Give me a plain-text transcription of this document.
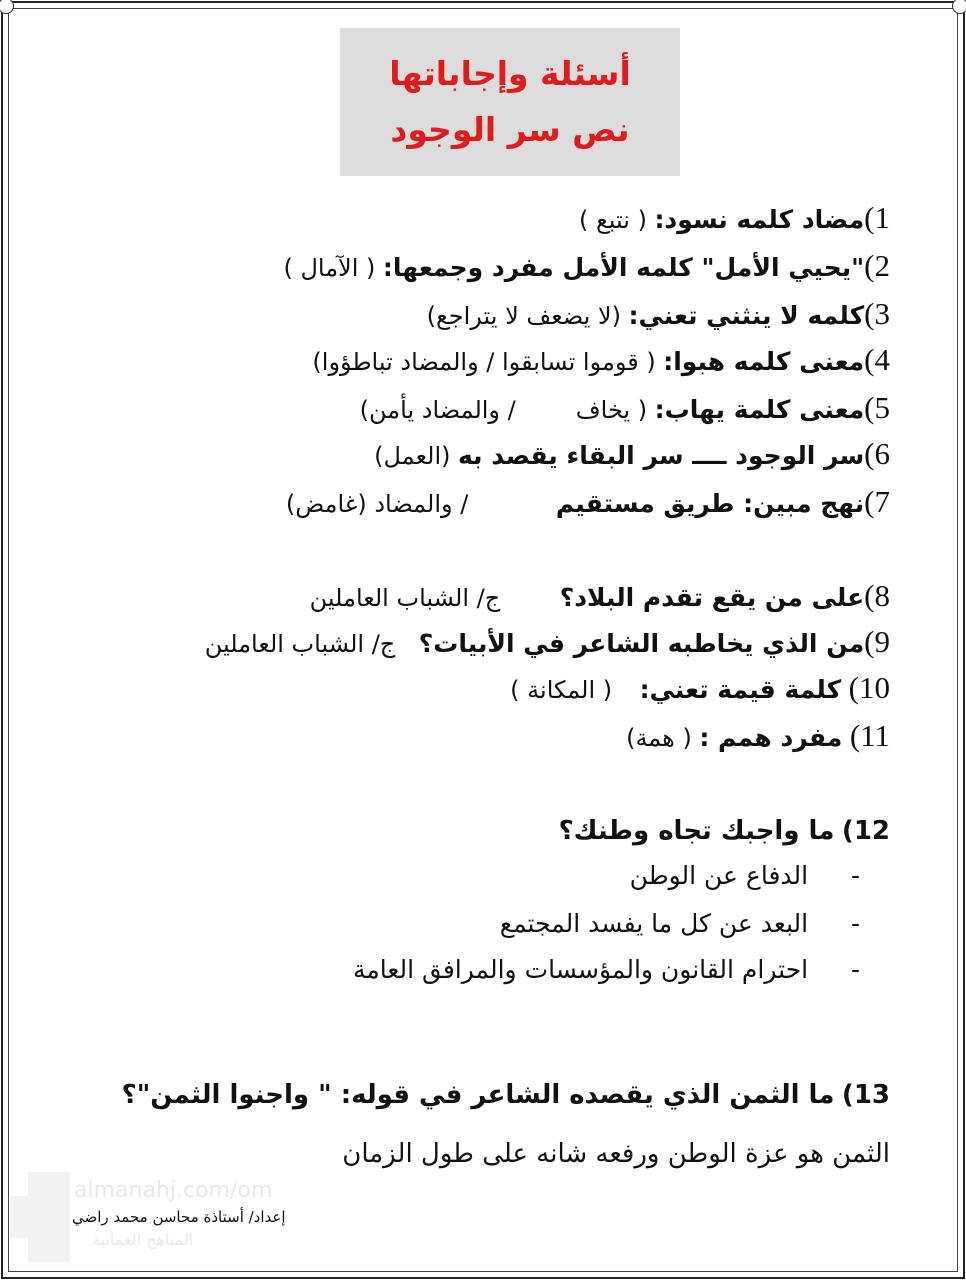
أسئلة وإجاباتها
نص سر الوجود
1)مضاد كلمه نسود: ( نتبع )
2)"يحيي الأمل" كلمه الأمل مفرد وجمعها: ( الآمال )
3)كلمه لا ينثني تعني: (لا يضعف لا يتراجع)
4)معنى كلمه هبوا: ( قوموا تسابقوا / والمضاد تباطؤوا)
5)معنى كلمة يهاب: ( يخاف/ والمضاد يأمن)
6)سر الوجود ــــ سر البقاء يقصد به (العمل)
7)نهج مبين: طريق مستقيم / والمضاد (غامض)
8)على من يقع تقدم البلاد؟ ج/ الشباب العاملين
9)من الذي يخاطبه الشاعر في الأبيات؟ ج/ الشباب العاملين
10) كلمة قيمة تعني: ( المكانة )
11) مفرد همم : ( همة)
12) ما واجبك تجاه وطنك؟
-  الدفاع عن الوطن
-  البعد عن كل ما يفسد المجتمع
-  احترام القانون والمؤسسات والمرافق العامة
13) ما الثمن الذي يقصده الشاعر في قوله: " واجنوا الثمن"؟
الثمن هو عزة الوطن ورفعه شانه على طول الزمان
almanahj.com/om
المناهج العمانية
إعداد/ أستاذة محاسن محمد راضي
